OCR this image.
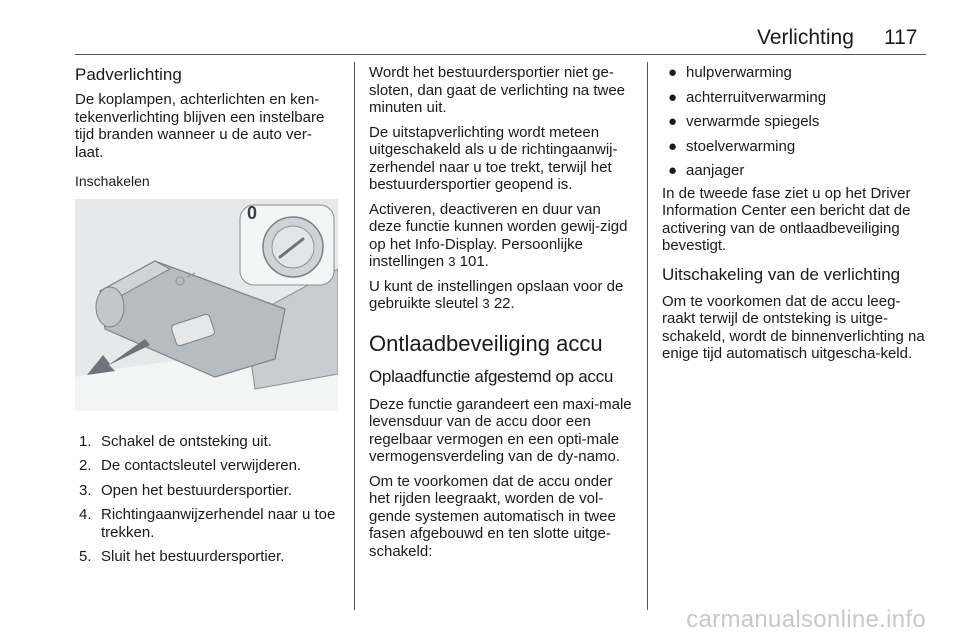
Verlichting 117
Padverlichting

De koplampen, achterlichten en ken-tekenverlichting blijven een instelbare tijd branden wanneer u de auto ver-laat.

Inschakelen
0
1. Schakel de ontsteking uit.
2. De contactsleutel verwijderen.
3. Open het bestuurdersportier.
4. Richtingaanwijzerhendel naar u toe trekken.
5. Sluit het bestuurdersportier.

Wordt het bestuurdersportier niet ge-sloten, dan gaat de verlichting na twee minuten uit.

De uitstapverlichting wordt meteen uitgeschakeld als u de richtingaanwij-zerhendel naar u toe trekt, terwijl het bestuurdersportier geopend is.

Activeren, deactiveren en duur van deze functie kunnen worden gewij-zigd op het Info-Display. Persoonlijke instellingen 3 101.

U kunt de instellingen opslaan voor de gebruikte sleutel 3 22.

Ontlaadbeveiliging accu
Oplaadfunctie afgestemd op accu

Deze functie garandeert een maxi-male levensduur van de accu door een regelbaar vermogen en een opti-male vermogensverdeling van de dy-namo.

Om te voorkomen dat de accu onder het rijden leegraakt, worden de vol-gende systemen automatisch in twee fasen afgebouwd en ten slotte uitge-schakeld:

● hulpverwarming
● achterruitverwarming
● verwarmde spiegels
● stoelverwarming
● aanjager

In de tweede fase ziet u op het Driver Information Center een bericht dat de activering van de ontlaadbeveiliging bevestigt.

Uitschakeling van de verlichting

Om te voorkomen dat de accu leeg-raakt terwijl de ontsteking is uitge-schakeld, wordt de binnenverlichting na enige tijd automatisch uitgescha-keld.

carmanualsonline.info
